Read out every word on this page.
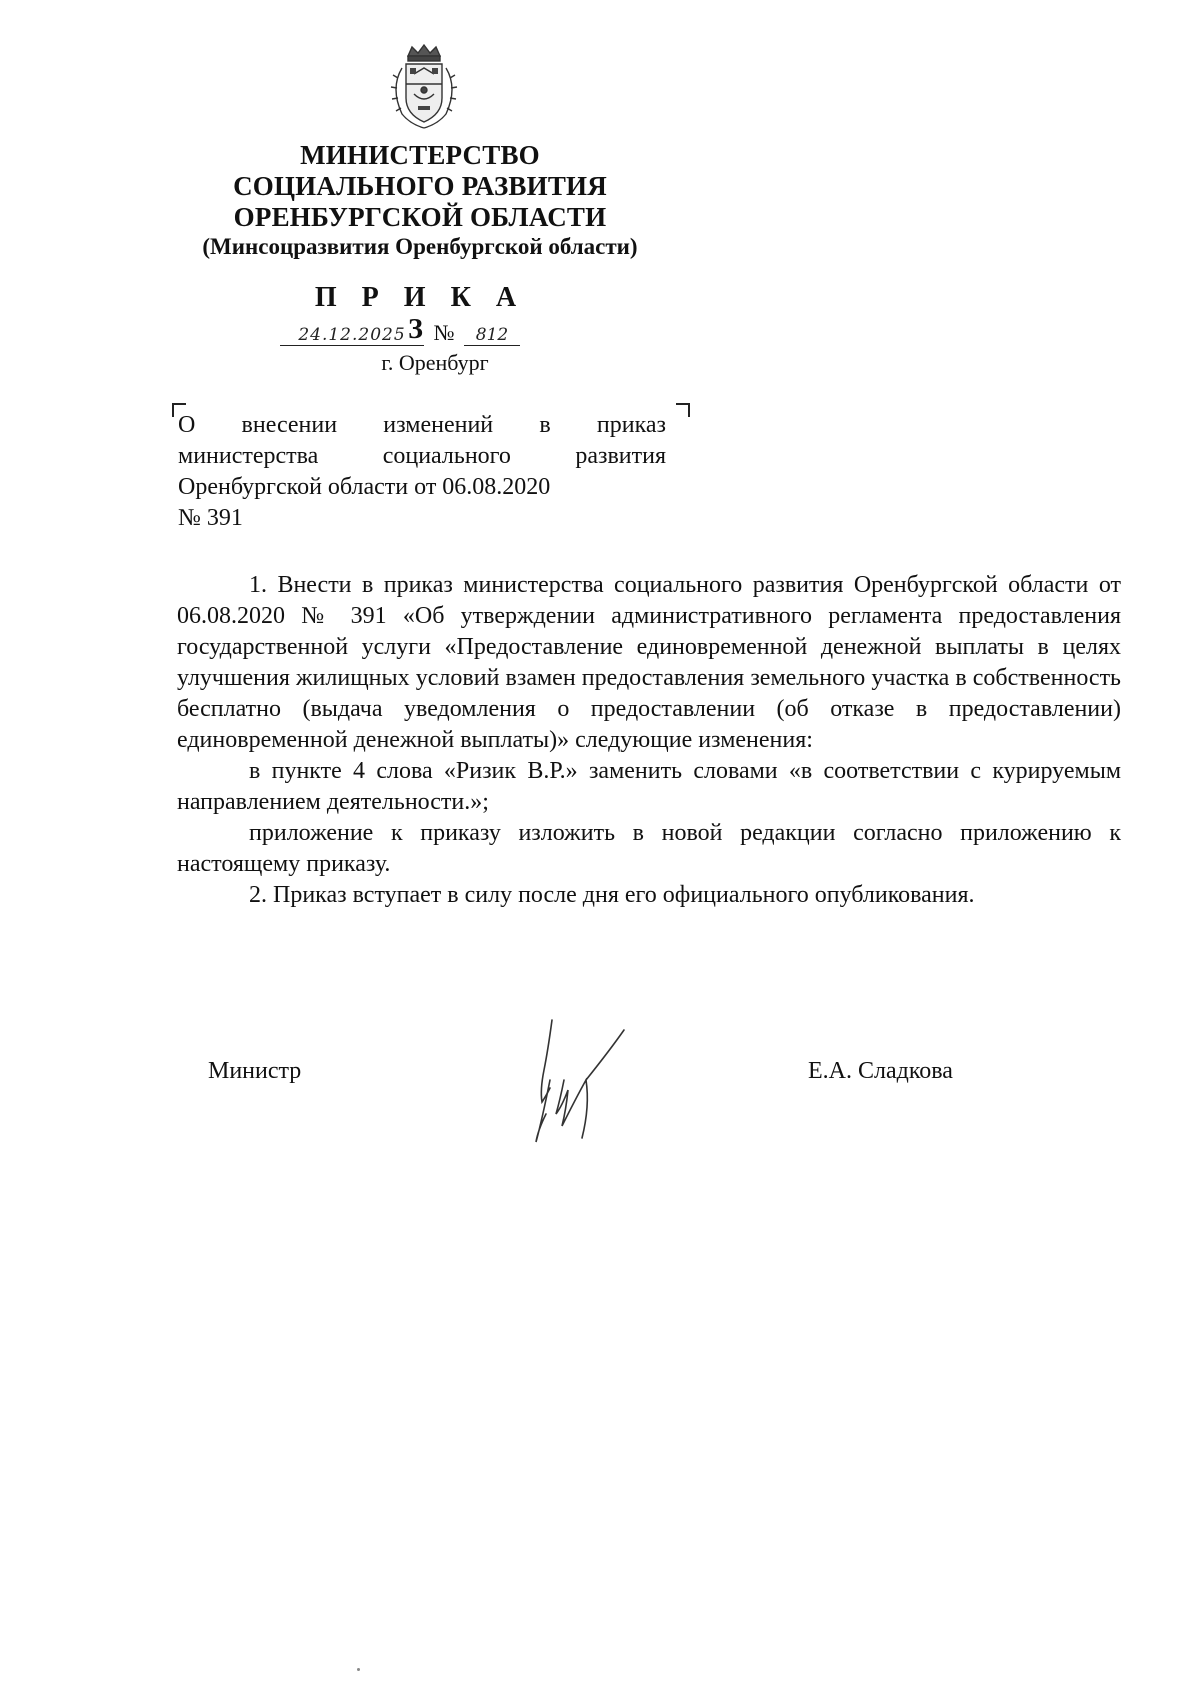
МИНИСТЕРСТВО
СОЦИАЛЬНОГО РАЗВИТИЯ
ОРЕНБУРГСКОЙ ОБЛАСТИ
(Минсоцразвития Оренбургской области)
П Р И К А З
24.12.2025 № 812
г. Оренбург
О внесении изменений в приказ
министерства социального развития
Оренбургской области от 06.08.2020
№ 391

1. Внести в приказ министерства социального развития Оренбургской области от 06.08.2020 № 391 «Об утверждении административного регламента предоставления государственной услуги «Предоставление единовременной денежной выплаты в целях улучшения жилищных условий взамен предоставления земельного участка в собственность бесплатно (выдача уведомления о предоставлении (об отказе в предоставлении) единовременной денежной выплаты)» следующие изменения:

в пункте 4 слова «Ризик В.Р.» заменить словами «в соответствии с курируемым направлением деятельности.»;

приложение к приказу изложить в новой редакции согласно приложению к настоящему приказу.

2. Приказ вступает в силу после дня его официального опубликования.

Министр	Е.А. Сладкова
